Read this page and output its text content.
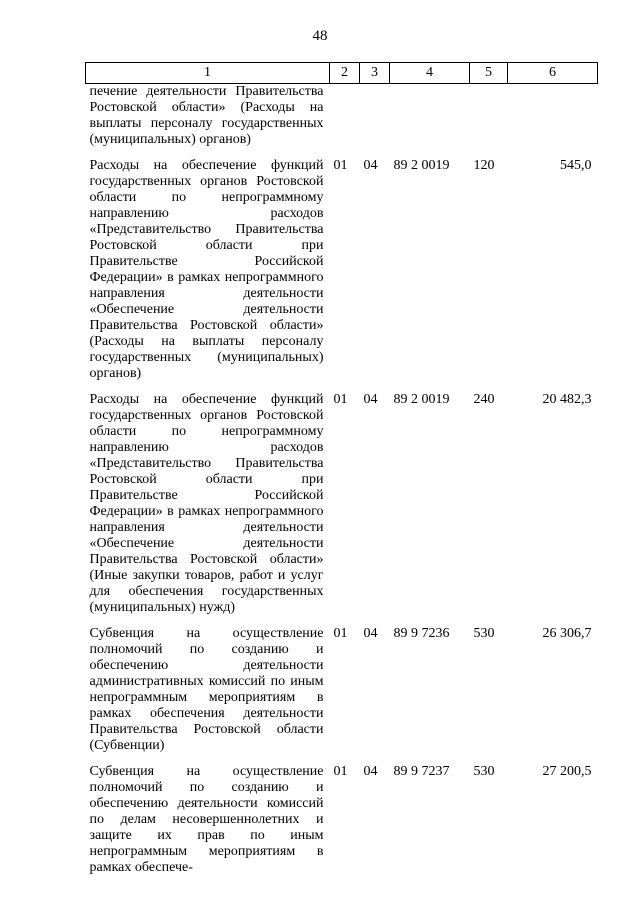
48
1	2	3	4	5	6

печение деятельности Правительства Ростовской области» (Расходы на выплаты персоналу государственных (муниципальных) органов)					

Расходы на обеспечение функций государственных органов Ростовской области по непрограммному направлению расходов «Представительство Правительства Ростовской области при Правительстве Российской Федерации» в рамках непрограммного направления деятельности «Обеспечение деятельности Правительства Ростовской области» (Расходы на выплаты персоналу государственных (муниципальных) органов)	01	04	89 2 0019	120	545,0

Расходы на обеспечение функций государственных органов Ростовской области по непрограммному направлению расходов «Представительство Правительства Ростовской области при Правительстве Российской Федерации» в рамках непрограммного направления деятельности «Обеспечение деятельности Правительства Ростовской области» (Иные закупки товаров, работ и услуг для обеспечения государственных (муниципальных) нужд)	01	04	89 2 0019	240	20 482,3

Субвенция на осуществление полномочий по созданию и обеспечению деятельности административных комиссий по иным непрограммным мероприятиям в рамках обеспечения деятельности Правительства Ростовской области (Субвенции)	01	04	89 9 7236	530	26 306,7

Субвенция на осуществление полномочий по созданию и обеспечению деятельности комиссий по делам несовершеннолетних и защите их прав по иным непрограммным мероприятиям в рамках обеспече-	01	04	89 9 7237	530	27 200,5
